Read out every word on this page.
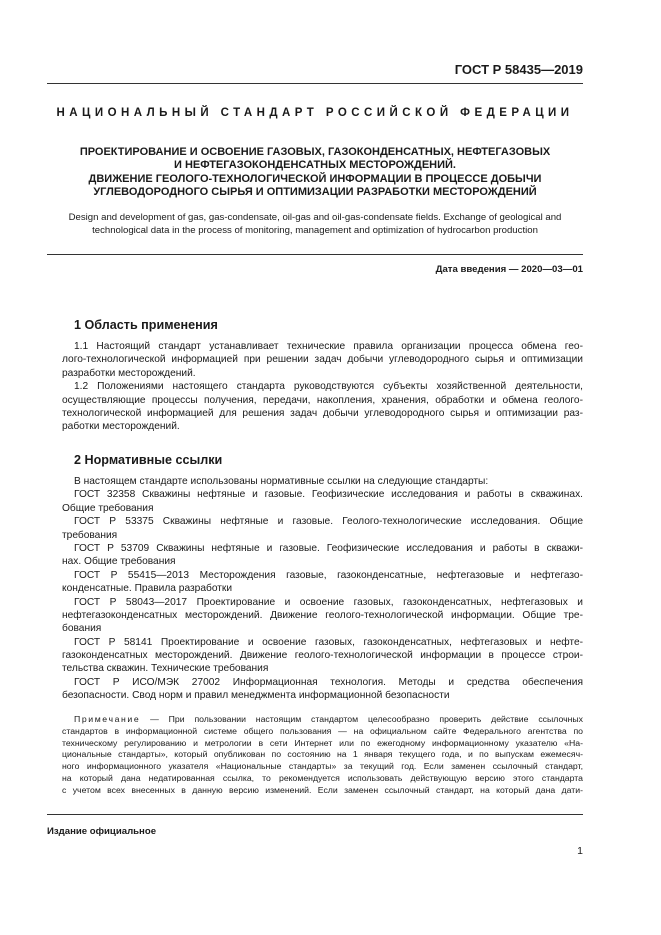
ГОСТ Р 58435—2019
НАЦИОНАЛЬНЫЙ СТАНДАРТ РОССИЙСКОЙ ФЕДЕРАЦИИ
ПРОЕКТИРОВАНИЕ И ОСВОЕНИЕ ГАЗОВЫХ, ГАЗОКОНДЕНСАТНЫХ, НЕФТЕГАЗОВЫХ
И НЕФТЕГАЗОКОНДЕНСАТНЫХ МЕСТОРОЖДЕНИЙ.
ДВИЖЕНИЕ ГЕОЛОГО-ТЕХНОЛОГИЧЕСКОЙ ИНФОРМАЦИИ В ПРОЦЕССЕ ДОБЫЧИ
УГЛЕВОДОРОДНОГО СЫРЬЯ И ОПТИМИЗАЦИИ РАЗРАБОТКИ МЕСТОРОЖДЕНИЙ
Design and development of gas, gas-condensate, oil-gas and oil-gas-condensate fields. Exchange of geological and
technological data in the process of monitoring, management and optimization of hydrocarbon production
Дата введения — 2020—03—01
1 Область применения
1.1 Настоящий стандарт устанавливает технические правила организации процесса обмена гео-
лого-технологической информацией при решении задач добычи углеводородного сырья и оптимизации
разработки месторождений.
1.2 Положениями настоящего стандарта руководствуются субъекты хозяйственной деятельности,
осуществляющие процессы получения, передачи, накопления, хранения, обработки и обмена геолого-
технологической информацией для решения задач добычи углеводородного сырья и оптимизации раз-
работки месторождений.
2 Нормативные ссылки
В настоящем стандарте использованы нормативные ссылки на следующие стандарты:
ГОСТ 32358 Скважины нефтяные и газовые. Геофизические исследования и работы в скважинах.
Общие требования
ГОСТ Р 53375 Скважины нефтяные и газовые. Геолого-технологические исследования. Общие
требования
ГОСТ Р 53709 Скважины нефтяные и газовые. Геофизические исследования и работы в скважи-
нах. Общие требования
ГОСТ Р 55415—2013 Месторождения газовые, газоконденсатные, нефтегазовые и нефтегазо-
конденсатные. Правила разработки
ГОСТ Р 58043—2017 Проектирование и освоение газовых, газоконденсатных, нефтегазовых и
нефтегазоконденсатных месторождений. Движение геолого-технологической информации. Общие тре-
бования
ГОСТ Р 58141 Проектирование и освоение газовых, газоконденсатных, нефтегазовых и нефте-
газоконденсатных месторождений. Движение геолого-технологической информации в процессе строи-
тельства скважин. Технические требования
ГОСТ Р ИСО/МЭК 27002 Информационная технология. Методы и средства обеспечения
безопасности. Свод норм и правил менеджмента информационной безопасности
Примечание — При пользовании настоящим стандартом целесообразно проверить действие ссылочных
стандартов в информационной системе общего пользования — на официальном сайте Федерального агентства по
техническому регулированию и метрологии в сети Интернет или по ежегодному информационному указателю «На-
циональные стандарты», который опубликован по состоянию на 1 января текущего года, и по выпускам ежемесяч-
ного информационного указателя «Национальные стандарты» за текущий год. Если заменен ссылочный стандарт,
на который дана недатированная ссылка, то рекомендуется использовать действующую версию этого стандарта
с учетом всех внесенных в данную версию изменений. Если заменен ссылочный стандарт, на который дана дати-
Издание официальное
1
